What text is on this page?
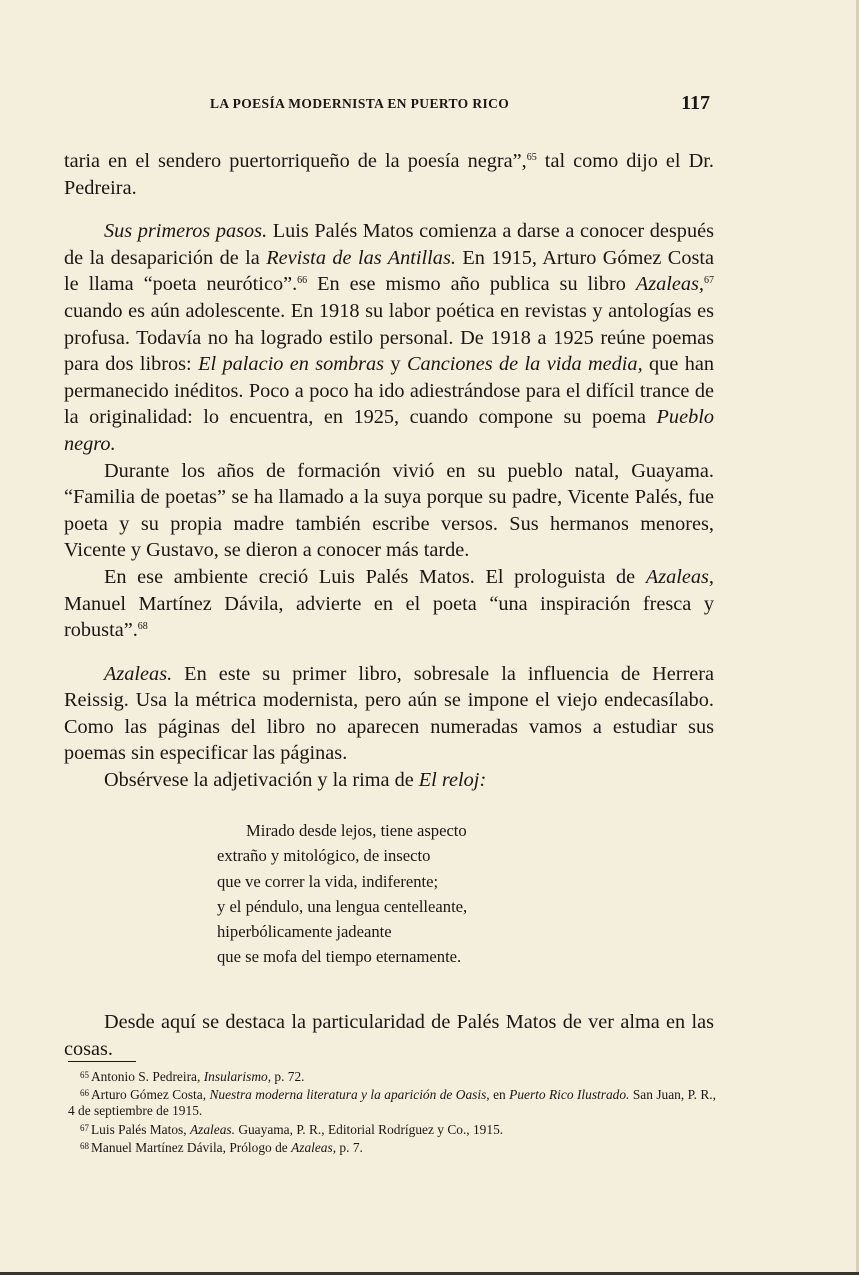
LA POESÍA MODERNISTA EN PUERTO RICO	117

taria en el sendero puertorriqueño de la poesía negra”,$^{65}$ tal como dijo el Dr. Pedreira.

Sus primeros pasos. Luis Palés Matos comienza a darse a conocer después de la desaparición de la Revista de las Antillas. En 1915, Arturo Gómez Costa le llama “poeta neurótico”.$^{66}$ En ese mismo año publica su libro Azaleas,$^{67}$ cuando es aún adolescente. En 1918 su labor poética en revistas y antologías es profusa. Todavía no ha logrado estilo personal. De 1918 a 1925 reúne poemas para dos libros: El palacio en sombras y Canciones de la vida media, que han permanecido inéditos. Poco a poco ha ido adiestrándose para el difícil trance de la originalidad: lo encuentra, en 1925, cuando compone su poema Pueblo negro.

Durante los años de formación vivió en su pueblo natal, Guayama. “Familia de poetas” se ha llamado a la suya porque su padre, Vicente Palés, fue poeta y su propia madre también escribe versos. Sus hermanos menores, Vicente y Gustavo, se dieron a conocer más tarde.

En ese ambiente creció Luis Palés Matos. El prologuista de Azaleas, Manuel Martínez Dávila, advierte en el poeta “una inspiración fresca y robusta”.$^{68}$

Azaleas. En este su primer libro, sobresale la influencia de Herrera Reissig. Usa la métrica modernista, pero aún se impone el viejo endecasílabo. Como las páginas del libro no aparecen numeradas vamos a estudiar sus poemas sin especificar las páginas.

Obsérvese la adjetivación y la rima de El reloj:

Mirado desde lejos, tiene aspecto
extraño y mitológico, de insecto
que ve correr la vida, indiferente;
y el péndulo, una lengua centelleante,
hiperbólicamente jadeante
que se mofa del tiempo eternamente.

Desde aquí se destaca la particularidad de Palés Matos de ver alma en las cosas.

$^{65}$ Antonio S. Pedreira, Insularismo, p. 72.

$^{66}$ Arturo Gómez Costa, Nuestra moderna literatura y la aparición de Oasis, en Puerto Rico Ilustrado. San Juan, P. R., 4 de septiembre de 1915.

$^{67}$ Luis Palés Matos, Azaleas. Guayama, P. R., Editorial Rodríguez y Co., 1915.

$^{68}$ Manuel Martínez Dávila, Prólogo de Azaleas, p. 7.
